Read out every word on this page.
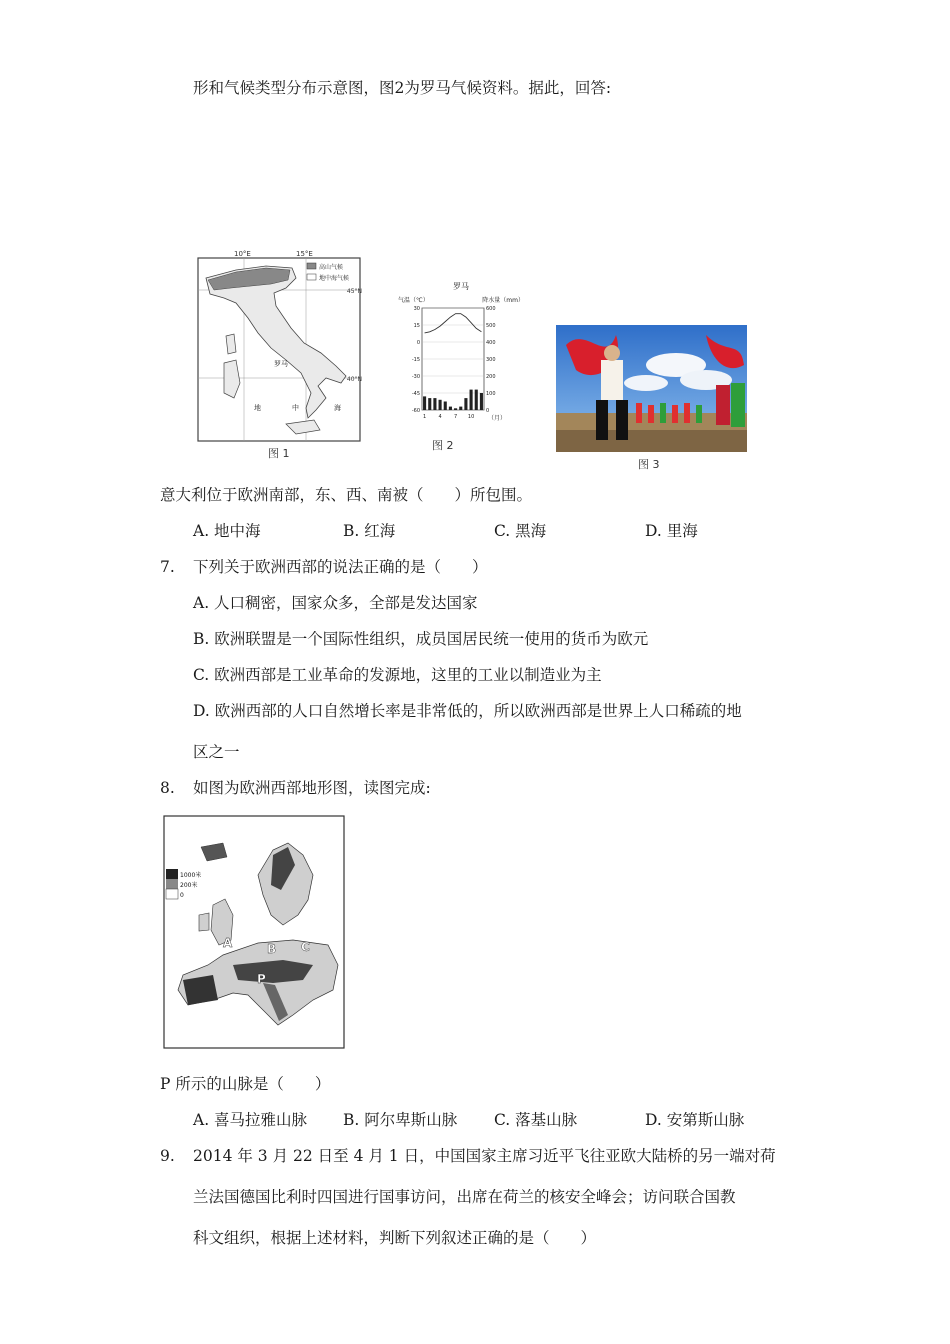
形和气候类型分布示意图，图2为罗马气候资料。据此，回答:
10°E	15°E
高山气候
地中海气候
45°N
40°N
罗马
地	中	海
图 1
罗马
气温（℃）	降水量（mm）
30	600
15	500
0	400
-15	300
-30	200
-45	100
-60	0
1 4 7 10 （月）
图 2
图 3
意大利位于欧洲南部，东、西、南被（　　）所包围。
A. 地中海	B. 红海	C. 黑海	D. 里海
7. 下列关于欧洲西部的说法正确的是（　　）
A. 人口稠密，国家众多，全部是发达国家
B. 欧洲联盟是一个国际性组织，成员国居民统一使用的货币为欧元
C. 欧洲西部是工业革命的发源地，这里的工业以制造业为主
D. 欧洲西部的人口自然增长率是非常低的，所以欧洲西部是世界上人口稀疏的地
区之一
8. 如图为欧洲西部地形图，读图完成:
1000米
200米
0
A	B C
P
P 所示的山脉是（　　）
A. 喜马拉雅山脉 B. 阿尔卑斯山脉 C. 落基山脉	D. 安第斯山脉
9. 2014 年 3 月 22 日至 4 月 1 日，中国国家主席习近平飞往亚欧大陆桥的另一端对荷
兰法国德国比利时四国进行国事访问，出席在荷兰的核安全峰会；访问联合国教
科文组织，根据上述材料，判断下列叙述正确的是（　　）
